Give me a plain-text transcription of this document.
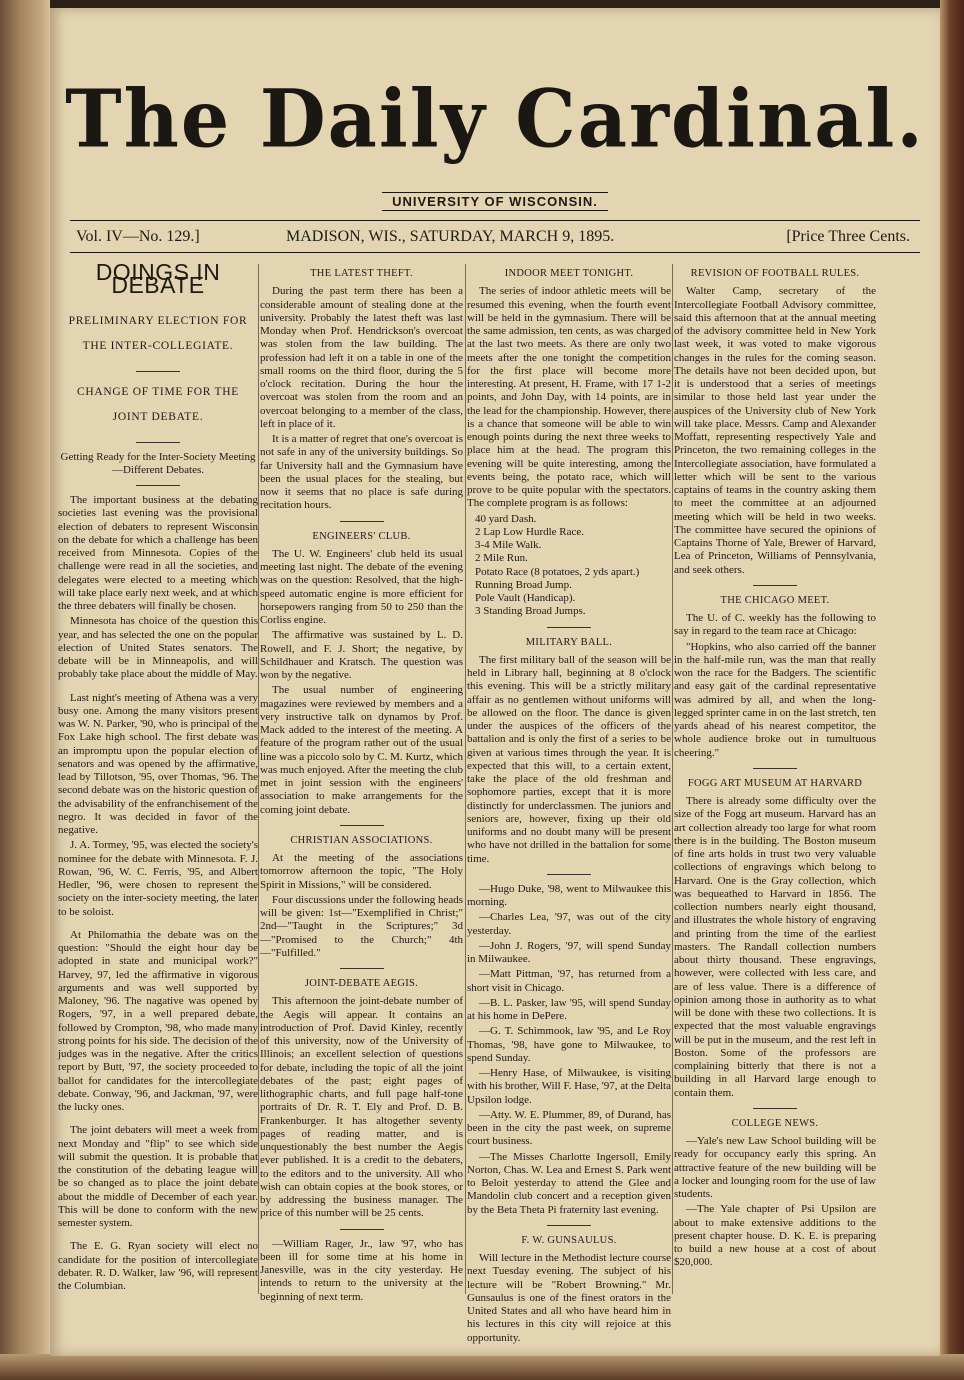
The Daily Cardinal.
UNIVERSITY OF WISCONSIN.
Vol. IV—No. 129.]	MADISON, WIS., SATURDAY, MARCH 9, 1895.	[Price Three Cents.
DOINGS IN DEBATE
PRELIMINARY ELECTION FOR THE INTER-COLLEGIATE.
CHANGE OF TIME FOR THE JOINT DEBATE.

Getting Ready for the Inter-Society Meeting—Different Debates.

The important business at the debating societies last evening was the provisional election of debaters to represent Wisconsin on the debate for which a challenge has been received from Minnesota. Copies of the challenge were read in all the societies, and delegates were elected to a meeting which will take place early next week, and at which the three debaters will finally be chosen.

Minnesota has choice of the question this year, and has selected the one on the popular election of United States senators. The debate will be in Minneapolis, and will probably take place about the middle of May.

Last night's meeting of Athena was a very busy one. Among the many visitors present was W. N. Parker, '90, who is principal of the Fox Lake high school. The first debate was an impromptu upon the popular election of senators and was opened by the affirmative, lead by Tillotson, '95, over Thomas, '96. The second debate was on the historic question of the advisability of the enfranchisement of the negro. It was decided in favor of the negative.

J. A. Tormey, '95, was elected the society's nominee for the debate with Minnesota. F. J. Rowan, '96, W. C. Ferris, '95, and Albert Hedler, '96, were chosen to represent the society on the inter-society meeting, the later to be soloist.

At Philomathia the debate was on the question: "Should the eight hour day be adopted in state and municipal work?" Harvey, 97, led the affirmative in vigorous arguments and was well supported by Maloney, '96. The nagative was opened by Rogers, '97, in a well prepared debate, followed by Crompton, '98, who made many strong points for his side. The decision of the judges was in the negative. After the critics report by Butt, '97, the society proceeded to ballot for candidates for the intercollegiate debate. Conway, '96, and Jackman, '97, were the lucky ones.

The joint debaters will meet a week from next Monday and "flip" to see which side will submit the question. It is probable that the constitution of the debating league will be so changed as to place the joint debate about the middle of December of each year. This will be done to conform with the new semester system.

The E. G. Ryan society will elect no candidate for the position of intercollegiate debater. R. D. Walker, law '96, will represent the Columbian.

THE LATEST THEFT.

During the past term there has been a considerable amount of stealing done at the university. Probably the latest theft was last Monday when Prof. Hendrickson's overcoat was stolen from the law building. The profession had left it on a table in one of the small rooms on the third floor, during the 5 o'clock recitation. During the hour the overcoat was stolen from the room and an overcoat belonging to a member of the class, left in place of it.

It is a matter of regret that one's overcoat is not safe in any of the university buildings. So far University hall and the Gymnasium have been the usual places for the stealing, but now it seems that no place is safe during recitation hours.

ENGINEERS' CLUB.

The U. W. Engineers' club held its usual meeting last night. The debate of the evening was on the question: Resolved, that the high-speed automatic engine is more efficient for horsepowers ranging from 50 to 250 than the Corliss engine.

The affirmative was sustained by L. D. Rowell, and F. J. Short; the negative, by Schildhauer and Kratsch. The question was won by the negative.

The usual number of engineering magazines were reviewed by members and a very instructive talk on dynamos by Prof. Mack added to the interest of the meeting. A feature of the program rather out of the usual line was a piccolo solo by C. M. Kurtz, which was much enjoyed. After the meeting the club met in joint session with the engineers' association to make arrangements for the coming joint debate.

CHRISTIAN ASSOCIATIONS.

At the meeting of the associations tomorrow afternoon the topic, "The Holy Spirit in Missions," will be considered.

Four discussions under the following heads will be given: 1st—"Exemplified in Christ;" 2nd—"Taught in the Scriptures;" 3d—"Promised to the Church;" 4th—"Fulfilled."

JOINT-DEBATE AEGIS.

This afternoon the joint-debate number of the Aegis will appear. It contains an introduction of Prof. David Kinley, recently of this university, now of the University of Illinois; an excellent selection of questions for debate, including the topic of all the joint debates of the past; eight pages of lithographic charts, and full page half-tone portraits of Dr. R. T. Ely and Prof. D. B. Frankenburger. It has altogether seventy pages of reading matter, and is unquestionably the best number the Aegis ever published. It is a credit to the debaters, to the editors and to the university. All who wish can obtain copies at the book stores, or by addressing the business manager. The price of this number will be 25 cents.

—William Rager, Jr., law '97, who has been ill for some time at his home in Janesville, was in the city yesterday. He intends to return to the university at the beginning of next term.

INDOOR MEET TONIGHT.

The series of indoor athletic meets will be resumed this evening, when the fourth event will be held in the gymnasium. There will be the same admission, ten cents, as was charged at the last two meets. As there are only two meets after the one tonight the competition for the first place will become more interesting. At present, H. Frame, with 17 1-2 points, and John Day, with 14 points, are in the lead for the championship. However, there is a chance that someone will be able to win enough points during the next three weeks to place him at the head. The program this evening will be quite interesting, among the events being, the potato race, which will prove to be quite popular with the spectators. The complete program is as follows:

40 yard Dash.

2 Lap Low Hurdle Race.

3-4 Mile Walk.

2 Mile Run.

Potato Race (8 potatoes, 2 yds apart.)

Running Broad Jump.

Pole Vault (Handicap).

3 Standing Broad Jumps.

MILITARY BALL.

The first military ball of the season will be held in Library hall, beginning at 8 o'clock this evening. This will be a strictly military affair as no gentlemen without uniforms will be allowed on the floor. The dance is given under the auspices of the officers of the battalion and is only the first of a series to be given at various times through the year. It is expected that this will, to a certain extent, take the place of the old freshman and sophomore parties, except that it is more distinctly for underclassmen. The juniors and seniors are, however, fixing up their old uniforms and no doubt many will be present who have not drilled in the battalion for some time.

—Hugo Duke, '98, went to Milwaukee this morning.

—Charles Lea, '97, was out of the city yesterday.

—John J. Rogers, '97, will spend Sunday in Milwaukee.

—Matt Pittman, '97, has returned from a short visit in Chicago.

—B. L. Pasker, law '95, will spend Sunday at his home in DePere.

—G. T. Schimmook, law '95, and Le Roy Thomas, '98, have gone to Milwaukee, to spend Sunday.

—Henry Hase, of Milwaukee, is visiting with his brother, Will F. Hase, '97, at the Delta Upsilon lodge.

—Atty. W. E. Plummer, 89, of Durand, has been in the city the past week, on supreme court business.

—The Misses Charlotte Ingersoll, Emily Norton, Chas. W. Lea and Ernest S. Park went to Beloit yesterday to attend the Glee and Mandolin club concert and a reception given by the Beta Theta Pi fraternity last evening.

F. W. GUNSAULUS.

Will lecture in the Methodist lecture course next Tuesday evening. The subject of his lecture will be "Robert Browning." Mr. Gunsaulus is one of the finest orators in the United States and all who have heard him in his lectures in this city will rejoice at this opportunity.

REVISION OF FOOTBALL RULES.

Walter Camp, secretary of the Intercollegiate Football Advisory committee, said this afternoon that at the annual meeting of the advisory committee held in New York last week, it was voted to make vigorous changes in the rules for the coming season. The details have not been decided upon, but it is understood that a series of meetings similar to those held last year under the auspices of the University club of New York will take place. Messrs. Camp and Alexander Moffatt, representing respectively Yale and Princeton, the two remaining colleges in the Intercollegiate association, have formulated a letter which will be sent to the various captains of teams in the country asking them to meet the committee at an adjourned meeting which will be held in two weeks. The committee have secured the opinions of Captains Thorne of Yale, Brewer of Harvard, Lea of Princeton, Williams of Pennsylvania, and seek others.

THE CHICAGO MEET.

The U. of C. weekly has the following to say in regard to the team race at Chicago:

"Hopkins, who also carried off the banner in the half-mile run, was the man that really won the race for the Badgers. The scientific and easy gait of the cardinal representative was admired by all, and when the long-legged sprinter came in on the last stretch, ten yards ahead of his nearest competitor, the whole audience broke out in tumultuous cheering."

FOGG ART MUSEUM AT HARVARD

There is already some difficulty over the size of the Fogg art museum. Harvard has an art collection already too large for what room there is in the building. The Boston museum of fine arts holds in trust two very valuable collections of engravings which belong to Harvard. One is the Gray collection, which was bequeathed to Harvard in 1856. The collection numbers nearly eight thousand, and illustrates the whole history of engraving and printing from the time of the earliest masters. The Randall collection numbers about thirty thousand. These engravings, however, were collected with less care, and are of less value. There is a difference of opinion among those in authority as to what will be done with these two collections. It is expected that the most valuable engravings will be put in the museum, and the rest left in Boston. Some of the professors are complaining bitterly that there is not a building in all Harvard large enough to contain them.

COLLEGE NEWS.

—Yale's new Law School building will be ready for occupancy early this spring. An attractive feature of the new building will be a locker and lounging room for the use of law students.

—The Yale chapter of Psi Upsilon are about to make extensive additions to the present chapter house. D. K. E. is preparing to build a new house at a cost of about $20,000.
